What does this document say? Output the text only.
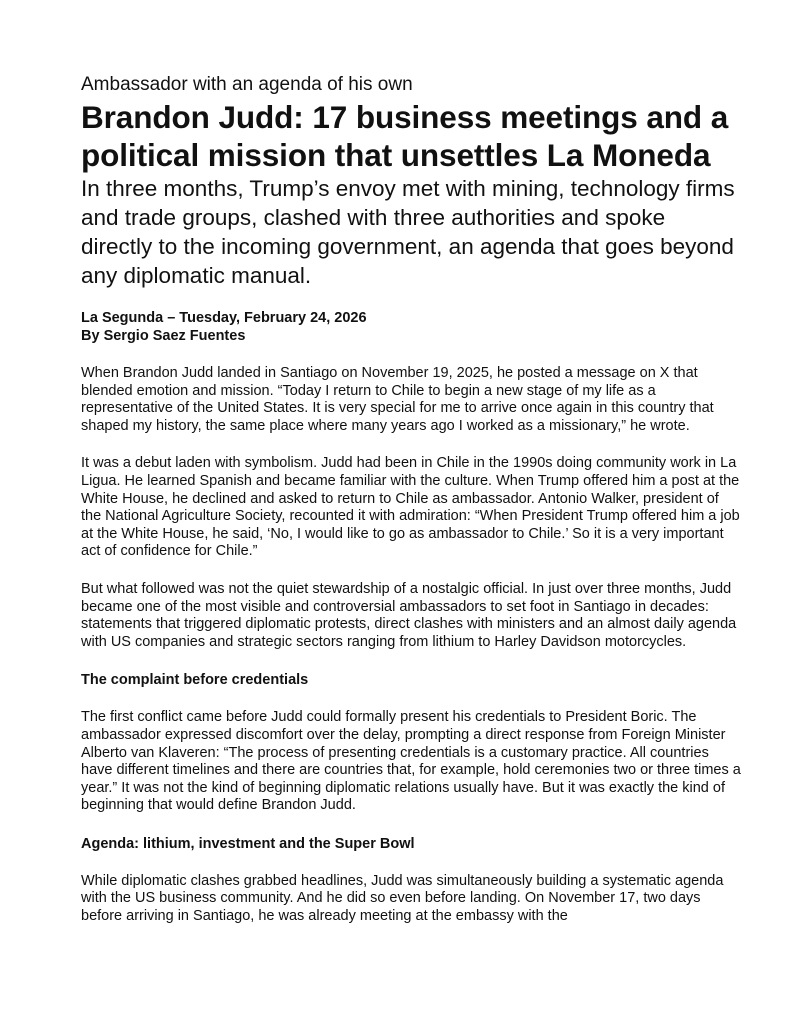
Ambassador with an agenda of his own

Brandon Judd: 17 business meetings and a political mission that unsettles La Moneda

In three months, Trump’s envoy met with mining, technology firms and trade groups, clashed with three authorities and spoke directly to the incoming government, an agenda that goes beyond any diplomatic manual.

La Segunda – Tuesday, February 24, 2026
By Sergio Saez Fuentes

When Brandon Judd landed in Santiago on November 19, 2025, he posted a message on X that blended emotion and mission. “Today I return to Chile to begin a new stage of my life as a representative of the United States. It is very special for me to arrive once again in this country that shaped my history, the same place where many years ago I worked as a missionary,” he wrote.

It was a debut laden with symbolism. Judd had been in Chile in the 1990s doing community work in La Ligua. He learned Spanish and became familiar with the culture. When Trump offered him a post at the White House, he declined and asked to return to Chile as ambassador. Antonio Walker, president of the National Agriculture Society, recounted it with admiration: “When President Trump offered him a job at the White House, he said, ‘No, I would like to go as ambassador to Chile.’ So it is a very important act of confidence for Chile.”

But what followed was not the quiet stewardship of a nostalgic official. In just over three months, Judd became one of the most visible and controversial ambassadors to set foot in Santiago in decades: statements that triggered diplomatic protests, direct clashes with ministers and an almost daily agenda with US companies and strategic sectors ranging from lithium to Harley Davidson motorcycles.

The complaint before credentials

The first conflict came before Judd could formally present his credentials to President Boric. The ambassador expressed discomfort over the delay, prompting a direct response from Foreign Minister Alberto van Klaveren: “The process of presenting credentials is a customary practice. All countries have different timelines and there are countries that, for example, hold ceremonies two or three times a year.” It was not the kind of beginning diplomatic relations usually have. But it was exactly the kind of beginning that would define Brandon Judd.

Agenda: lithium, investment and the Super Bowl

While diplomatic clashes grabbed headlines, Judd was simultaneously building a systematic agenda with the US business community. And he did so even before landing. On November 17, two days before arriving in Santiago, he was already meeting at the embassy with the
